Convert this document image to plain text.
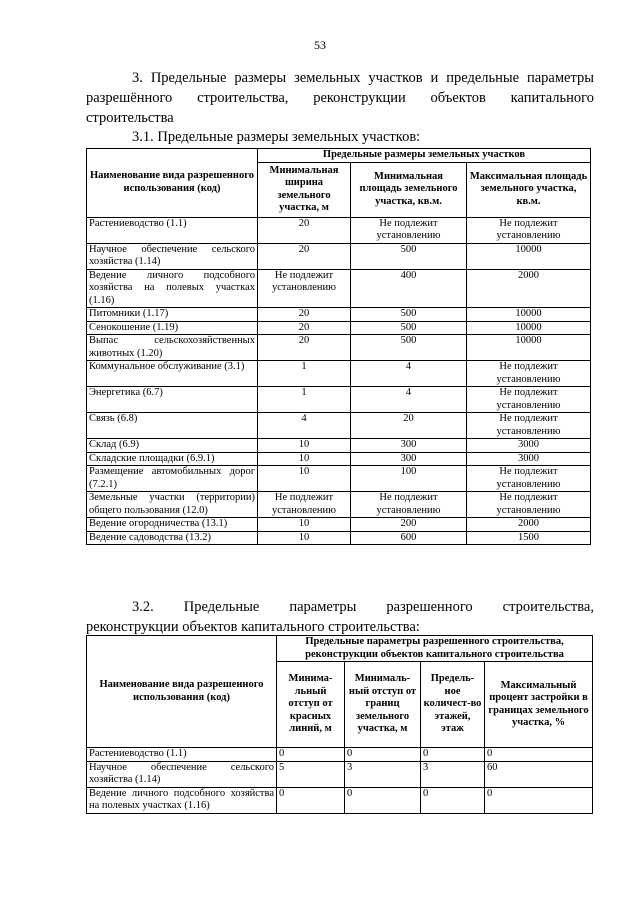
53
3. Предельные размеры земельных участков и предельные параметры
разрешённого строительства, реконструкции объектов капитального
строительства
3.1. Предельные размеры земельных участков:
Наименование вида разрешенного использования (код)	Предельные размеры земельных участков		
	Минимальная ширина земельного участка, м	Минимальная площадь земельного участка, кв.м.	Максимальная площадь земельного участка, кв.м.
Растениеводство (1.1)	20	Не подлежит установлению	Не подлежит установлению
Научное обеспечение сельского хозяйства (1.14)	20	500	10000
Ведение личного подсобного хозяйства на полевых участках (1.16)	Не подлежит установлению	400	2000
Питомники (1.17)	20	500	10000
Сенокошение (1.19)	20	500	10000
Выпас сельскохозяйственных животных (1.20)	20	500	10000
Коммунальное обслуживание (3.1)	1	4	Не подлежит установлению
Энергетика (6.7)	1	4	Не подлежит установлению
Связь (6.8)	4	20	Не подлежит установлению
Склад (6.9)	10	300	3000
Складские площадки (6.9.1)	10	300	3000
Размещение автомобильных дорог (7.2.1)	10	100	Не подлежит установлению
Земельные участки (территории) общего пользования (12.0)	Не подлежит установлению	Не подлежит установлению	Не подлежит установлению
Ведение огородничества (13.1)	10	200	2000
Ведение садоводства (13.2)	10	600	1500
3.2. Предельные параметры разрешенного строительства,
реконструкции объектов капитального строительства:
Наименование вида разрешенного использования (код)	Предельные параметры разрешенного строительства, реконструкции объектов капитального строительства			
	Минима-льный отступ от красных линий, м	Минималь-ный отступ от границ земельного участка, м	Предель-ное количест-во этажей, этаж	Максимальный процент застройки в границах земельного участка, %
Растениеводство (1.1)	0	0	0	0
Научное обеспечение сельского хозяйства (1.14)	5	3	3	60
Ведение личного подсобного хозяйства на полевых участках (1.16)	0	0	0	0
